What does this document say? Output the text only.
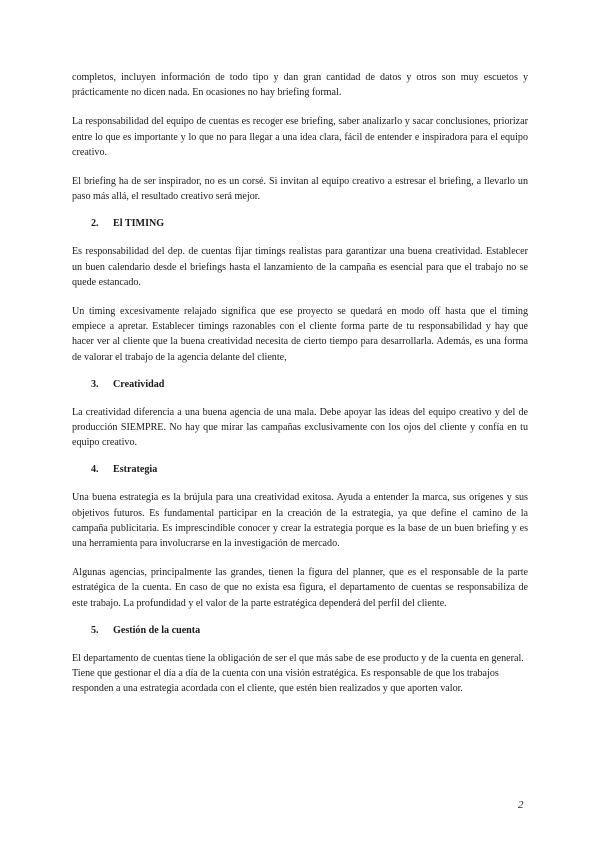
completos, incluyen información de todo tipo y dan gran cantidad de datos y otros son muy escuetos y prácticamente no dicen nada. En ocasiones no hay briefing formal.

La responsabilidad del equipo de cuentas es recoger ese briefing, saber analizarlo y sacar conclusiones, priorizar entre lo que es importante y lo que no para llegar a una idea clara, fácil de entender e inspiradora para el equipo creativo.

El briefing ha de ser inspirador, no es un corsé. Si invitan al equipo creativo a estresar el briefing, a llevarlo un paso más allá, el resultado creativo será mejor.

2. El TIMING

Es responsabilidad del dep. de cuentas fijar timings realistas para garantizar una buena creatividad. Establecer un buen calendario desde el briefings hasta el lanzamiento de la campaña es esencial para que el trabajo no se quede estancado.

Un timing excesivamente relajado significa que ese proyecto se quedará en modo off hasta que el timing empiece a apretar. Establecer timings razonables con el cliente forma parte de tu responsabilidad y hay que hacer ver al cliente que la buena creatividad necesita de cierto tiempo para desarrollarla. Además, es una forma de valorar el trabajo de la agencia delante del cliente,

3. Creatividad

La creatividad diferencia a una buena agencia de una mala. Debe apoyar las ideas del equipo creativo y del de producción SIEMPRE. No hay que mirar las campañas exclusivamente con los ojos del cliente y confía en tu equipo creativo.

4. Estrategia

Una buena estrategia es la brújula para una creatividad exitosa. Ayuda a entender la marca, sus orígenes y sus objetivos futuros. Es fundamental participar en la creación de la estrategia, ya que define el camino de la campaña publicitaria. Es imprescindible conocer y crear la estrategia porque es la base de un buen briefing y es una herramienta para involucrarse en la investigación de mercado.

Algunas agencias, principalmente las grandes, tienen la figura del planner, que es el responsable de la parte estratégica de la cuenta. En caso de que no exista esa figura, el departamento de cuentas se responsabiliza de este trabajo. La profundidad y el valor de la parte estratégica dependerá del perfil del cliente.

5. Gestión de la cuenta

El departamento de cuentas tiene la obligación de ser el que más sabe de ese producto y de la cuenta en general. Tiene que gestionar el día a día de la cuenta con una visión estratégica. Es responsable de que los trabajos responden a una estrategia acordada con el cliente, que estén bien realizados y que aporten valor.

2
